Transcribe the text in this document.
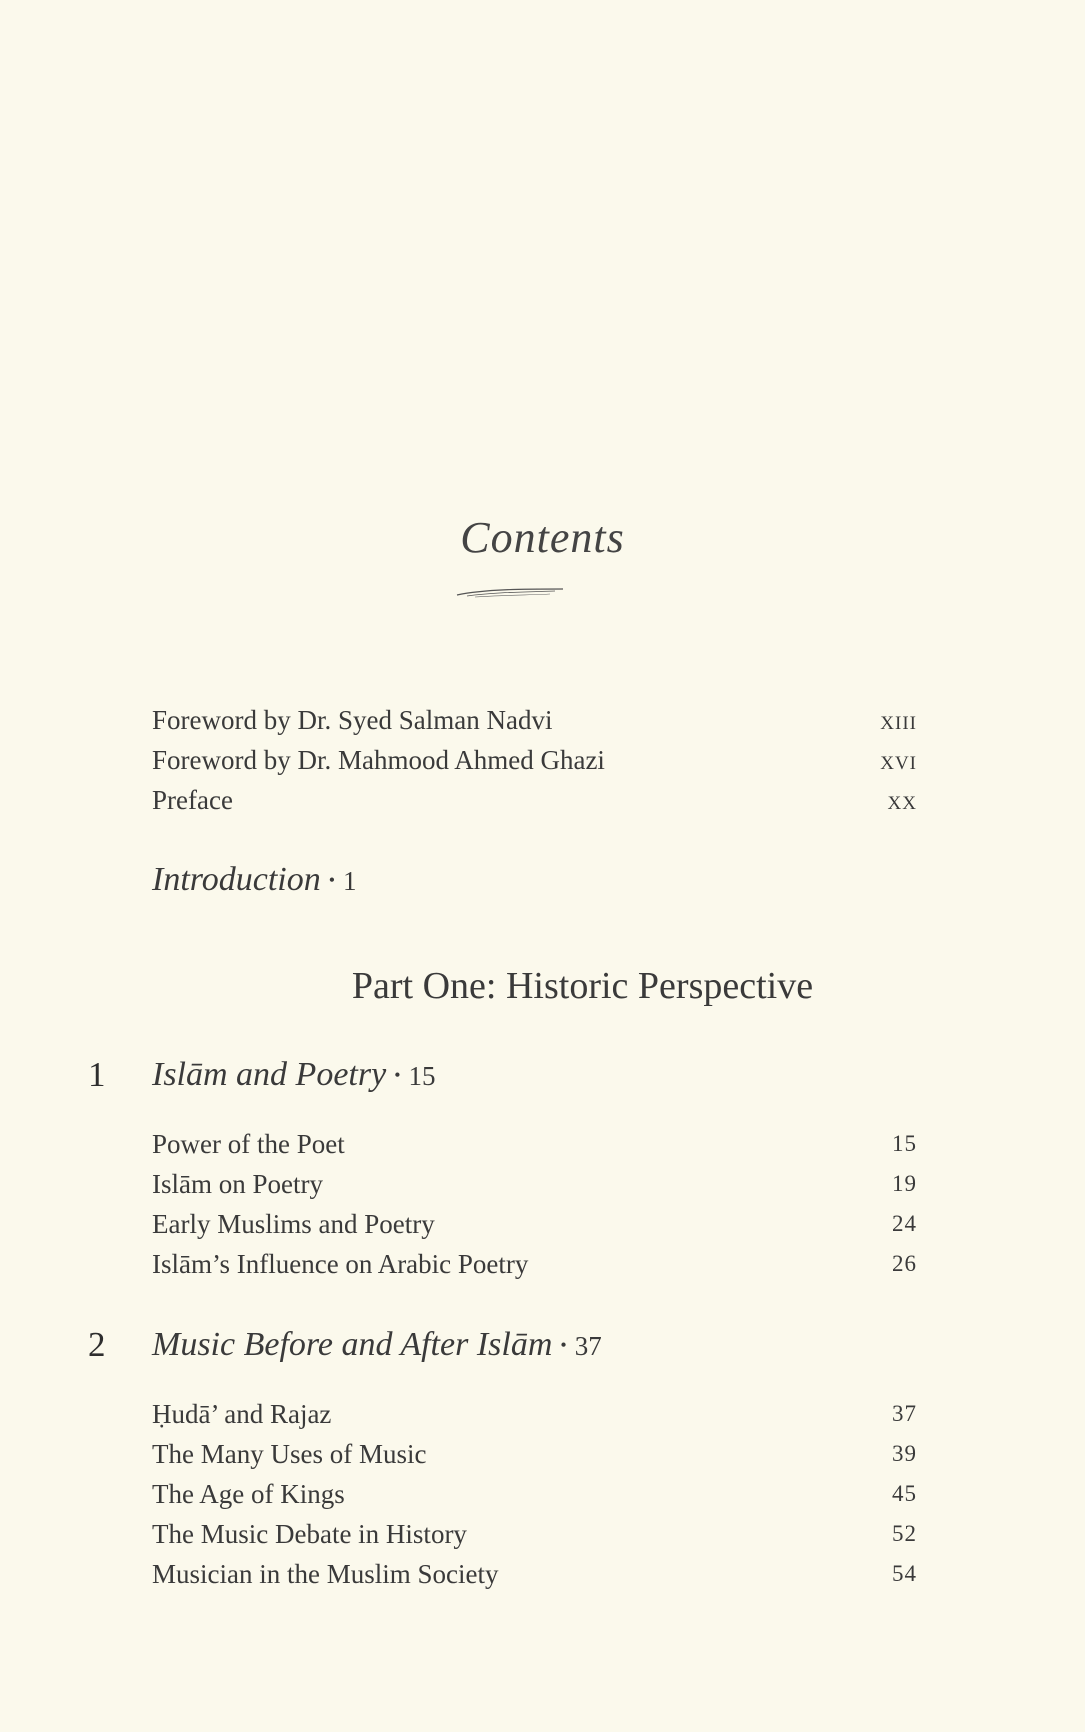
Contents
Foreword by Dr. Syed Salman Nadvi	xiii
Foreword by Dr. Mahmood Ahmed Ghazi	xvi
Preface	xx
Introduction • 1
Part One: Historic Perspective
1 Islām and Poetry • 15
Power of the Poet	15
Islām on Poetry	19
Early Muslims and Poetry	24
Islām’s Influence on Arabic Poetry	26
2 Music Before and After Islām • 37
Ḥudā’ and Rajaz	37
The Many Uses of Music	39
The Age of Kings	45
The Music Debate in History	52
Musician in the Muslim Society	54
